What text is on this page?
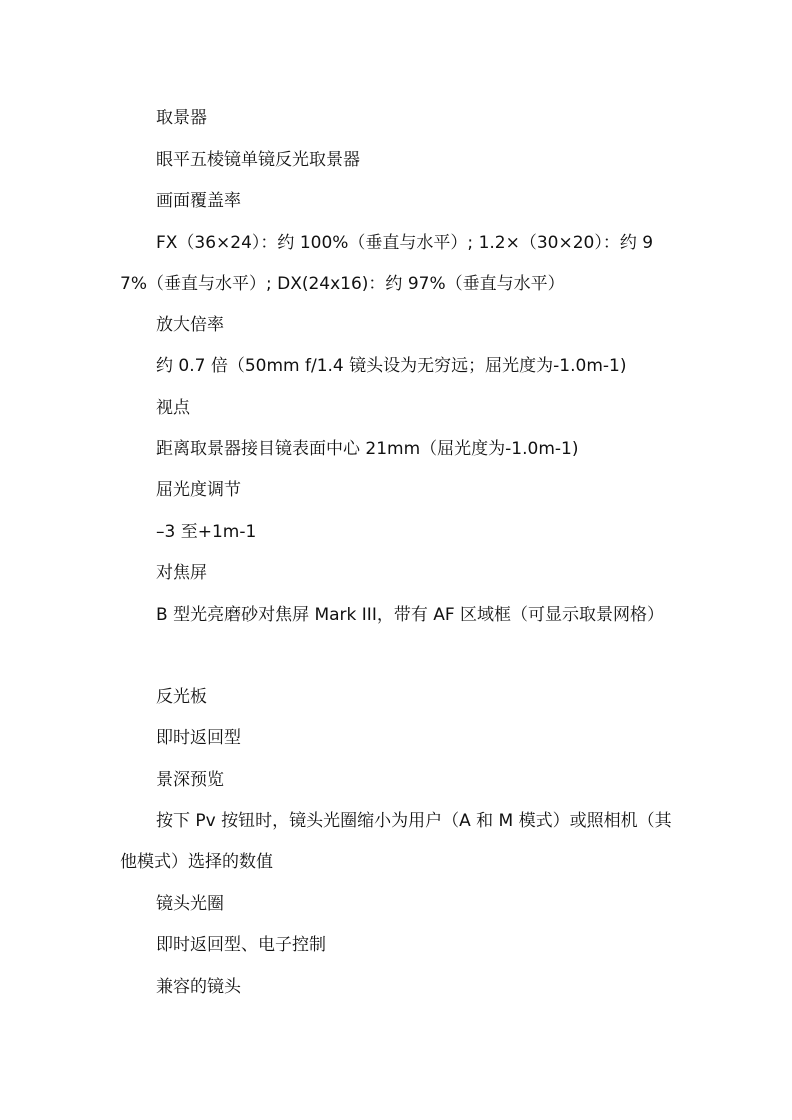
取景器

眼平五棱镜单镜反光取景器

画面覆盖率

FX（36×24）：约 100%（垂直与水平）; 1.2×（30×20）：约 97%（垂直与水平）; DX(24x16)：约 97%（垂直与水平）

放大倍率

约 0.7 倍（50mm f/1.4 镜头设为无穷远；屈光度为-1.0m-1)

视点

距离取景器接目镜表面中心 21mm（屈光度为-1.0m-1)

屈光度调节

–3 至+1m-1

对焦屏

B 型光亮磨砂对焦屏 Mark III，带有 AF 区域框（可显示取景网格）

反光板

即时返回型

景深预览

按下 Pv 按钮时，镜头光圈缩小为用户（A 和 M 模式）或照相机（其他模式）选择的数值

镜头光圈

即时返回型、电子控制

兼容的镜头
